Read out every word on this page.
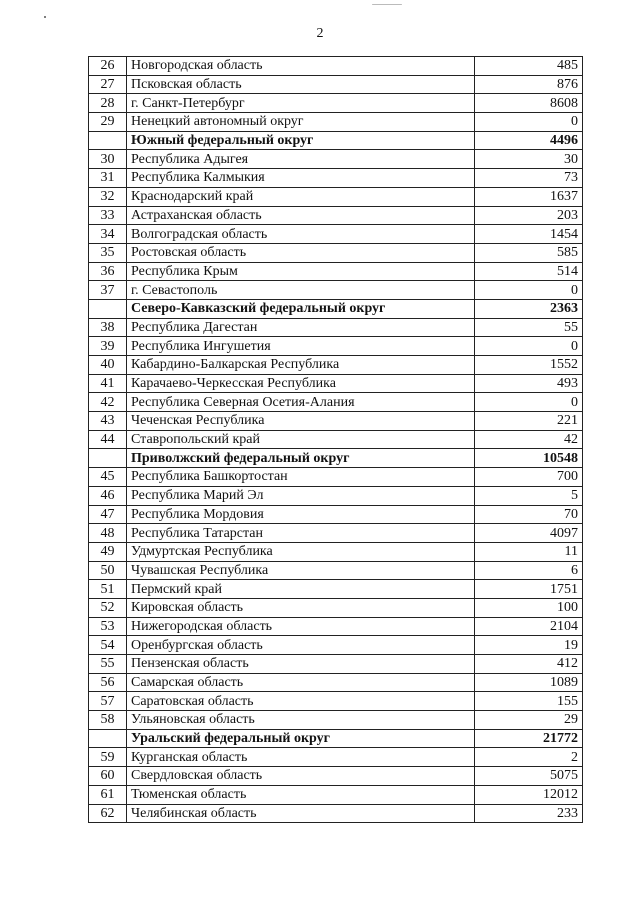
2
26	Новгородская область	485
27	Псковская область	876
28	г. Санкт-Петербург	8608
29	Ненецкий автономный округ	0
	Южный федеральный округ	4496
30	Республика Адыгея	30
31	Республика Калмыкия	73
32	Краснодарский край	1637
33	Астраханская область	203
34	Волгоградская область	1454
35	Ростовская область	585
36	Республика Крым	514
37	г. Севастополь	0
	Северо-Кавказский федеральный округ	2363
38	Республика Дагестан	55
39	Республика Ингушетия	0
40	Кабардино-Балкарская Республика	1552
41	Карачаево-Черкесская Республика	493
42	Республика Северная Осетия-Алания	0
43	Чеченская Республика	221
44	Ставропольский край	42
	Приволжский федеральный округ	10548
45	Республика Башкортостан	700
46	Республика Марий Эл	5
47	Республика Мордовия	70
48	Республика Татарстан	4097
49	Удмуртская Республика	11
50	Чувашская Республика	6
51	Пермский край	1751
52	Кировская область	100
53	Нижегородская область	2104
54	Оренбургская область	19
55	Пензенская область	412
56	Самарская область	1089
57	Саратовская область	155
58	Ульяновская область	29
	Уральский федеральный округ	21772
59	Курганская область	2
60	Свердловская область	5075
61	Тюменская область	12012
62	Челябинская область	233
